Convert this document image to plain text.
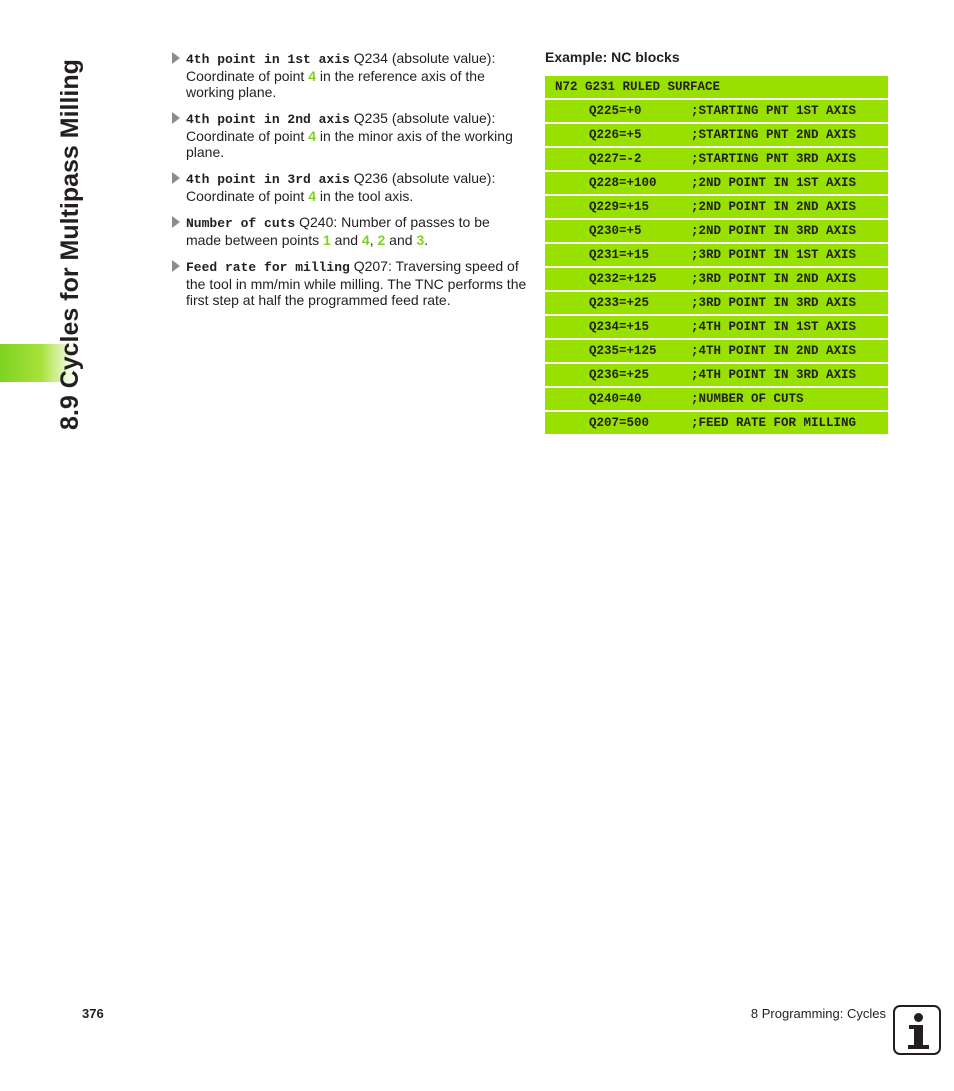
8.9 Cycles for Multipass Milling	4th point in 1st axis Q234 (absolute value): Coordinate of point 4 in the reference axis of the working plane.
4th point in 2nd axis Q235 (absolute value): Coordinate of point 4 in the minor axis of the working plane.
4th point in 3rd axis Q236 (absolute value): Coordinate of point 4 in the tool axis.
Number of cuts Q240: Number of passes to be made between points 1 and 4, 2 and 3.
Feed rate for milling Q207: Traversing speed of the tool in mm/min while milling. The TNC performs the first step at half the programmed feed rate.
Example: NC blocks
N72 G231 RULED SURFACE
Q225=+0	;STARTING PNT 1ST AXIS
Q226=+5	;STARTING PNT 2ND AXIS
Q227=-2	;STARTING PNT 3RD AXIS
Q228=+100	;2ND POINT IN 1ST AXIS
Q229=+15	;2ND POINT IN 2ND AXIS
Q230=+5	;2ND POINT IN 3RD AXIS
Q231=+15	;3RD POINT IN 1ST AXIS
Q232=+125	;3RD POINT IN 2ND AXIS
Q233=+25	;3RD POINT IN 3RD AXIS
Q234=+15	;4TH POINT IN 1ST AXIS
Q235=+125	;4TH POINT IN 2ND AXIS
Q236=+25	;4TH POINT IN 3RD AXIS
Q240=40	;NUMBER OF CUTS
Q207=500	;FEED RATE FOR MILLING
376	8 Programming: Cycles
